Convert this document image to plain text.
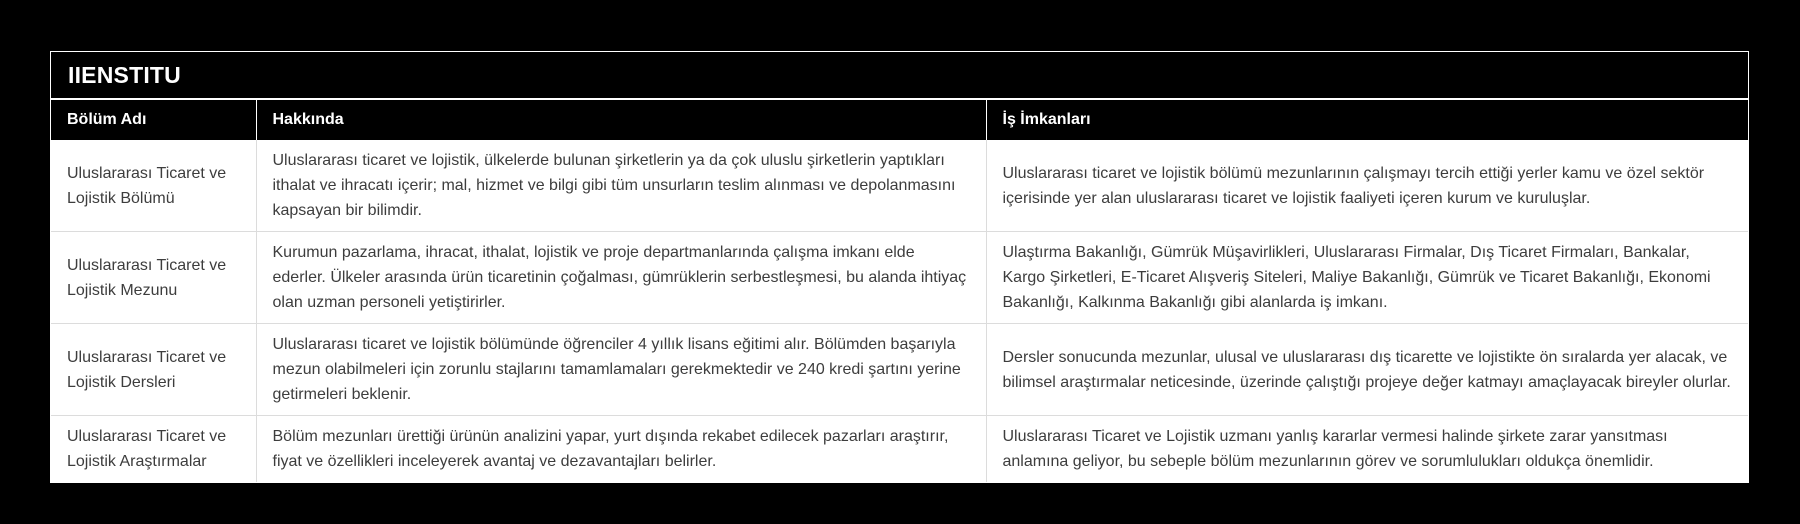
IIENSTITU
Bölüm Adı	Hakkında	İş İmkanları
Uluslararası Ticaret ve Lojistik Bölümü	Uluslararası ticaret ve lojistik, ülkelerde bulunan şirketlerin ya da çok uluslu şirketlerin yaptıkları ithalat ve ihracatı içerir; mal, hizmet ve bilgi gibi tüm unsurların teslim alınması ve depolanmasını kapsayan bir bilimdir.	Uluslararası ticaret ve lojistik bölümü mezunlarının çalışmayı tercih ettiği yerler kamu ve özel sektör içerisinde yer alan uluslararası ticaret ve lojistik faaliyeti içeren kurum ve kuruluşlar.
Uluslararası Ticaret ve Lojistik Mezunu	Kurumun pazarlama, ihracat, ithalat, lojistik ve proje departmanlarında çalışma imkanı elde ederler. Ülkeler arasında ürün ticaretinin çoğalması, gümrüklerin serbestleşmesi, bu alanda ihtiyaç olan uzman personeli yetiştirirler.	Ulaştırma Bakanlığı, Gümrük Müşavirlikleri, Uluslararası Firmalar, Dış Ticaret Firmaları, Bankalar, Kargo Şirketleri, E-Ticaret Alışveriş Siteleri, Maliye Bakanlığı, Gümrük ve Ticaret Bakanlığı, Ekonomi Bakanlığı, Kalkınma Bakanlığı gibi alanlarda iş imkanı.
Uluslararası Ticaret ve Lojistik Dersleri	Uluslararası ticaret ve lojistik bölümünde öğrenciler 4 yıllık lisans eğitimi alır. Bölümden başarıyla mezun olabilmeleri için zorunlu stajlarını tamamlamaları gerekmektedir ve 240 kredi şartını yerine getirmeleri beklenir.	Dersler sonucunda mezunlar, ulusal ve uluslararası dış ticarette ve lojistikte ön sıralarda yer alacak, ve bilimsel araştırmalar neticesinde, üzerinde çalıştığı projeye değer katmayı amaçlayacak bireyler olurlar.
Uluslararası Ticaret ve Lojistik Araştırmalar	Bölüm mezunları ürettiği ürünün analizini yapar, yurt dışında rekabet edilecek pazarları araştırır, fiyat ve özellikleri inceleyerek avantaj ve dezavantajları belirler.	Uluslararası Ticaret ve Lojistik uzmanı yanlış kararlar vermesi halinde şirkete zarar yansıtması anlamına geliyor, bu sebeple bölüm mezunlarının görev ve sorumlulukları oldukça önemlidir.
